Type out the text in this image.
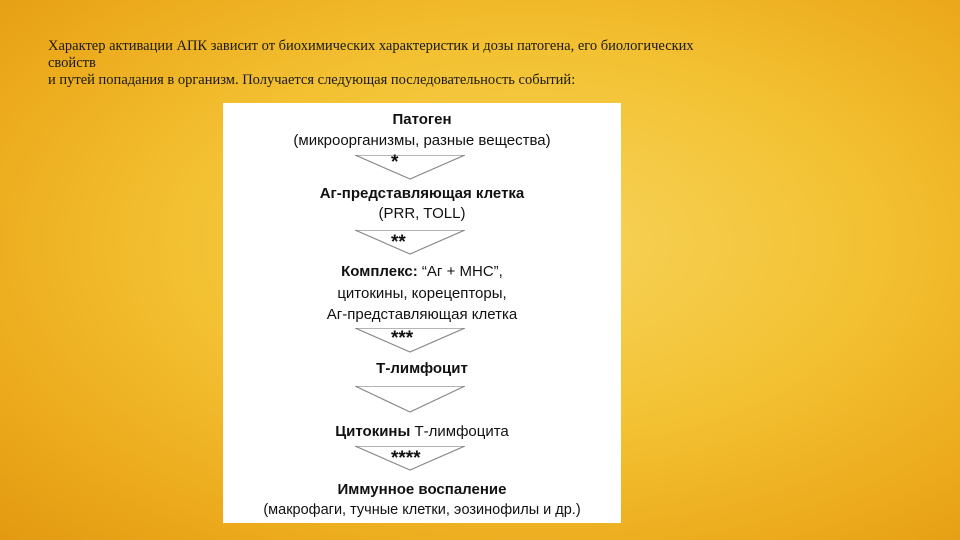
Характер активации АПК зависит от биохимических характеристик и дозы патогена, его биологических
свойств
и путей попадания в организм. Получается следующая последовательность событий:
Патоген
(микроорганизмы, разные вещества)
*
Аг-представляющая клетка
(PRR, TOLL)
**
Комплекс: “Аг + МНС”,
цитокины, корецепторы,
Аг-представляющая клетка
***
Т-лимфоцит
Цитокины Т-лимфоцита
****
Иммунное воспаление
(макрофаги, тучные клетки, эозинофилы и др.)
